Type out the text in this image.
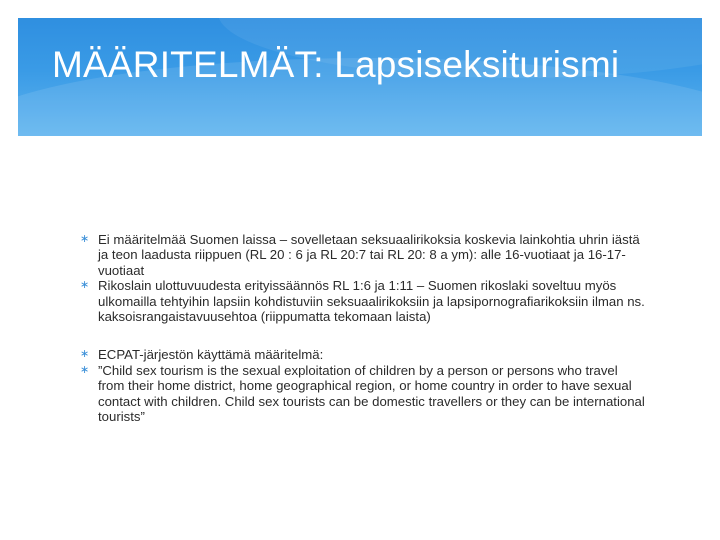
MÄÄRITELMÄT: Lapsiseksiturismi

∗ Ei määritelmää Suomen laissa – sovelletaan seksuaalirikoksia koskevia lainkohtia uhrin iästä ja teon laadusta riippuen (RL 20 : 6 ja RL 20:7 tai RL 20: 8 a ym): alle 16-vuotiaat ja 16-17-vuotiaat

∗ Rikoslain ulottuvuudesta erityissäännös RL 1:6 ja 1:11 – Suomen rikoslaki soveltuu myös ulkomailla tehtyihin lapsiin kohdistuviin seksuaalirikoksiin ja lapsipornografiarikoksiin ilman ns. kaksoisrangaistavuusehtoa (riippumatta tekomaan laista)

∗ ECPAT-järjestön käyttämä määritelmä:

∗ ”Child sex tourism is the sexual exploitation of children by a person or persons who travel from their home district, home geographical region, or home country in order to have sexual contact with children. Child sex tourists can be domestic travellers or they can be international tourists”
